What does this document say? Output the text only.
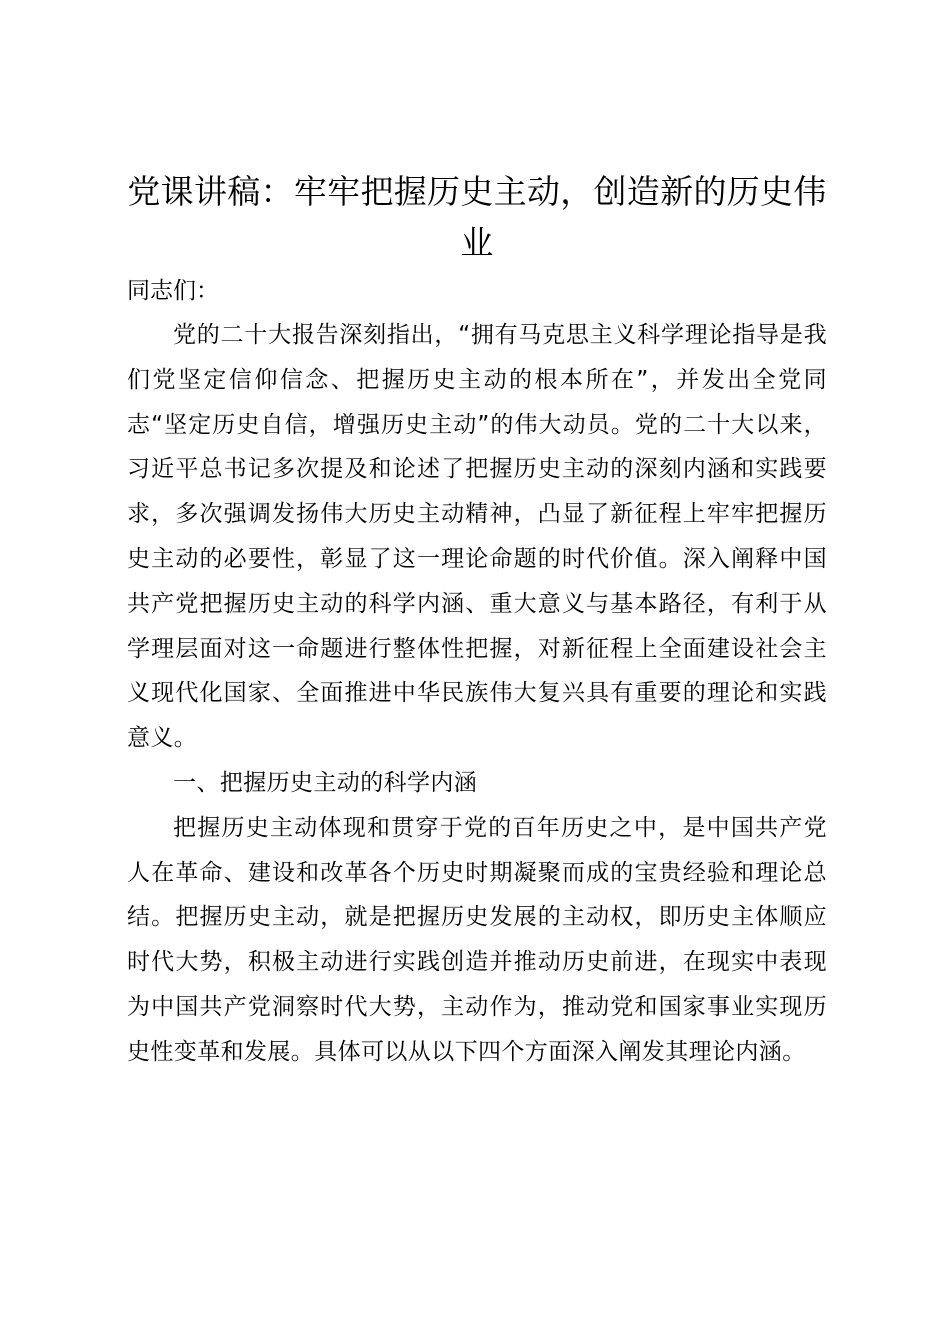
党课讲稿：牢牢把握历史主动，创造新的历史伟业

同志们：

党的二十大报告深刻指出，“拥有马克思主义科学理论指导是我们党坚定信仰信念、把握历史主动的根本所在”，并发出全党同志“坚定历史自信，增强历史主动”的伟大动员。党的二十大以来，习近平总书记多次提及和论述了把握历史主动的深刻内涵和实践要求，多次强调发扬伟大历史主动精神，凸显了新征程上牢牢把握历史主动的必要性，彰显了这一理论命题的时代价值。深入阐释中国共产党把握历史主动的科学内涵、重大意义与基本路径，有利于从学理层面对这一命题进行整体性把握，对新征程上全面建设社会主义现代化国家、全面推进中华民族伟大复兴具有重要的理论和实践意义。

一、把握历史主动的科学内涵

把握历史主动体现和贯穿于党的百年历史之中，是中国共产党人在革命、建设和改革各个历史时期凝聚而成的宝贵经验和理论总结。把握历史主动，就是把握历史发展的主动权，即历史主体顺应时代大势，积极主动进行实践创造并推动历史前进，在现实中表现为中国共产党洞察时代大势，主动作为，推动党和国家事业实现历史性变革和发展。具体可以从以下四个方面深入阐发其理论内涵。
